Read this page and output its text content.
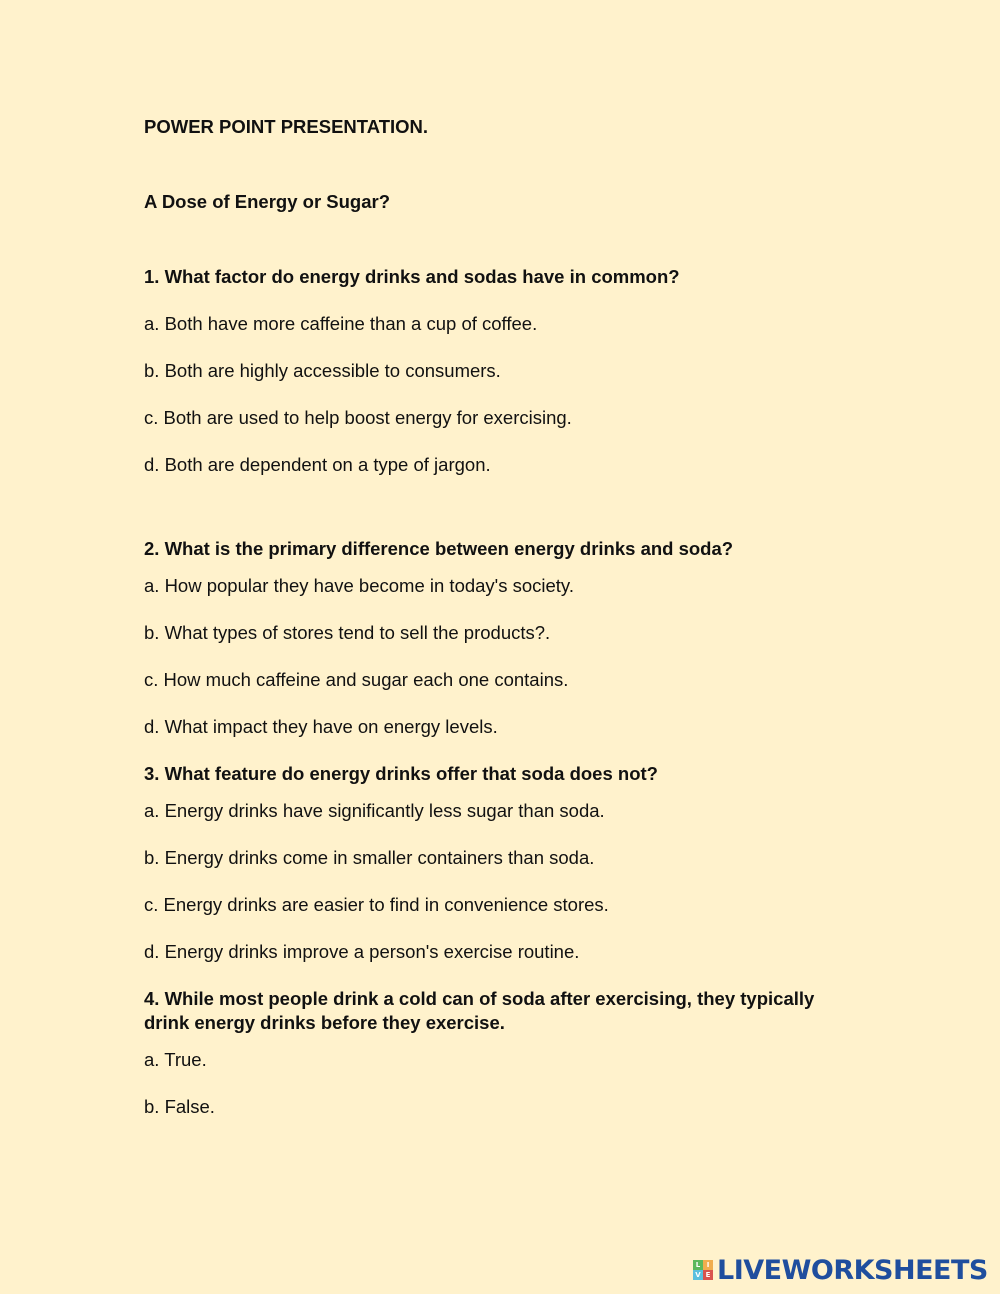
POWER POINT PRESENTATION.
A Dose of Energy or Sugar?
1. What factor do energy drinks and sodas have in common?
a. Both have more caffeine than a cup of coffee.
b. Both are highly accessible to consumers.
c. Both are used to help boost energy for exercising.
d. Both are dependent on a type of jargon.
2. What is the primary difference between energy drinks and soda?
a. How popular they have become in today's society.
b. What types of stores tend to sell the products?.
c. How much caffeine and sugar each one contains.
d. What impact they have on energy levels.
3. What feature do energy drinks offer that soda does not?
a. Energy drinks have significantly less sugar than soda.
b. Energy drinks come in smaller containers than soda.
c. Energy drinks are easier to find in convenience stores.
d. Energy drinks improve a person's exercise routine.
4. While most people drink a cold can of soda after exercising, they typically drink energy drinks before they exercise.
a. True.
b. False.
L I
V E LIVEWORKSHEETS
